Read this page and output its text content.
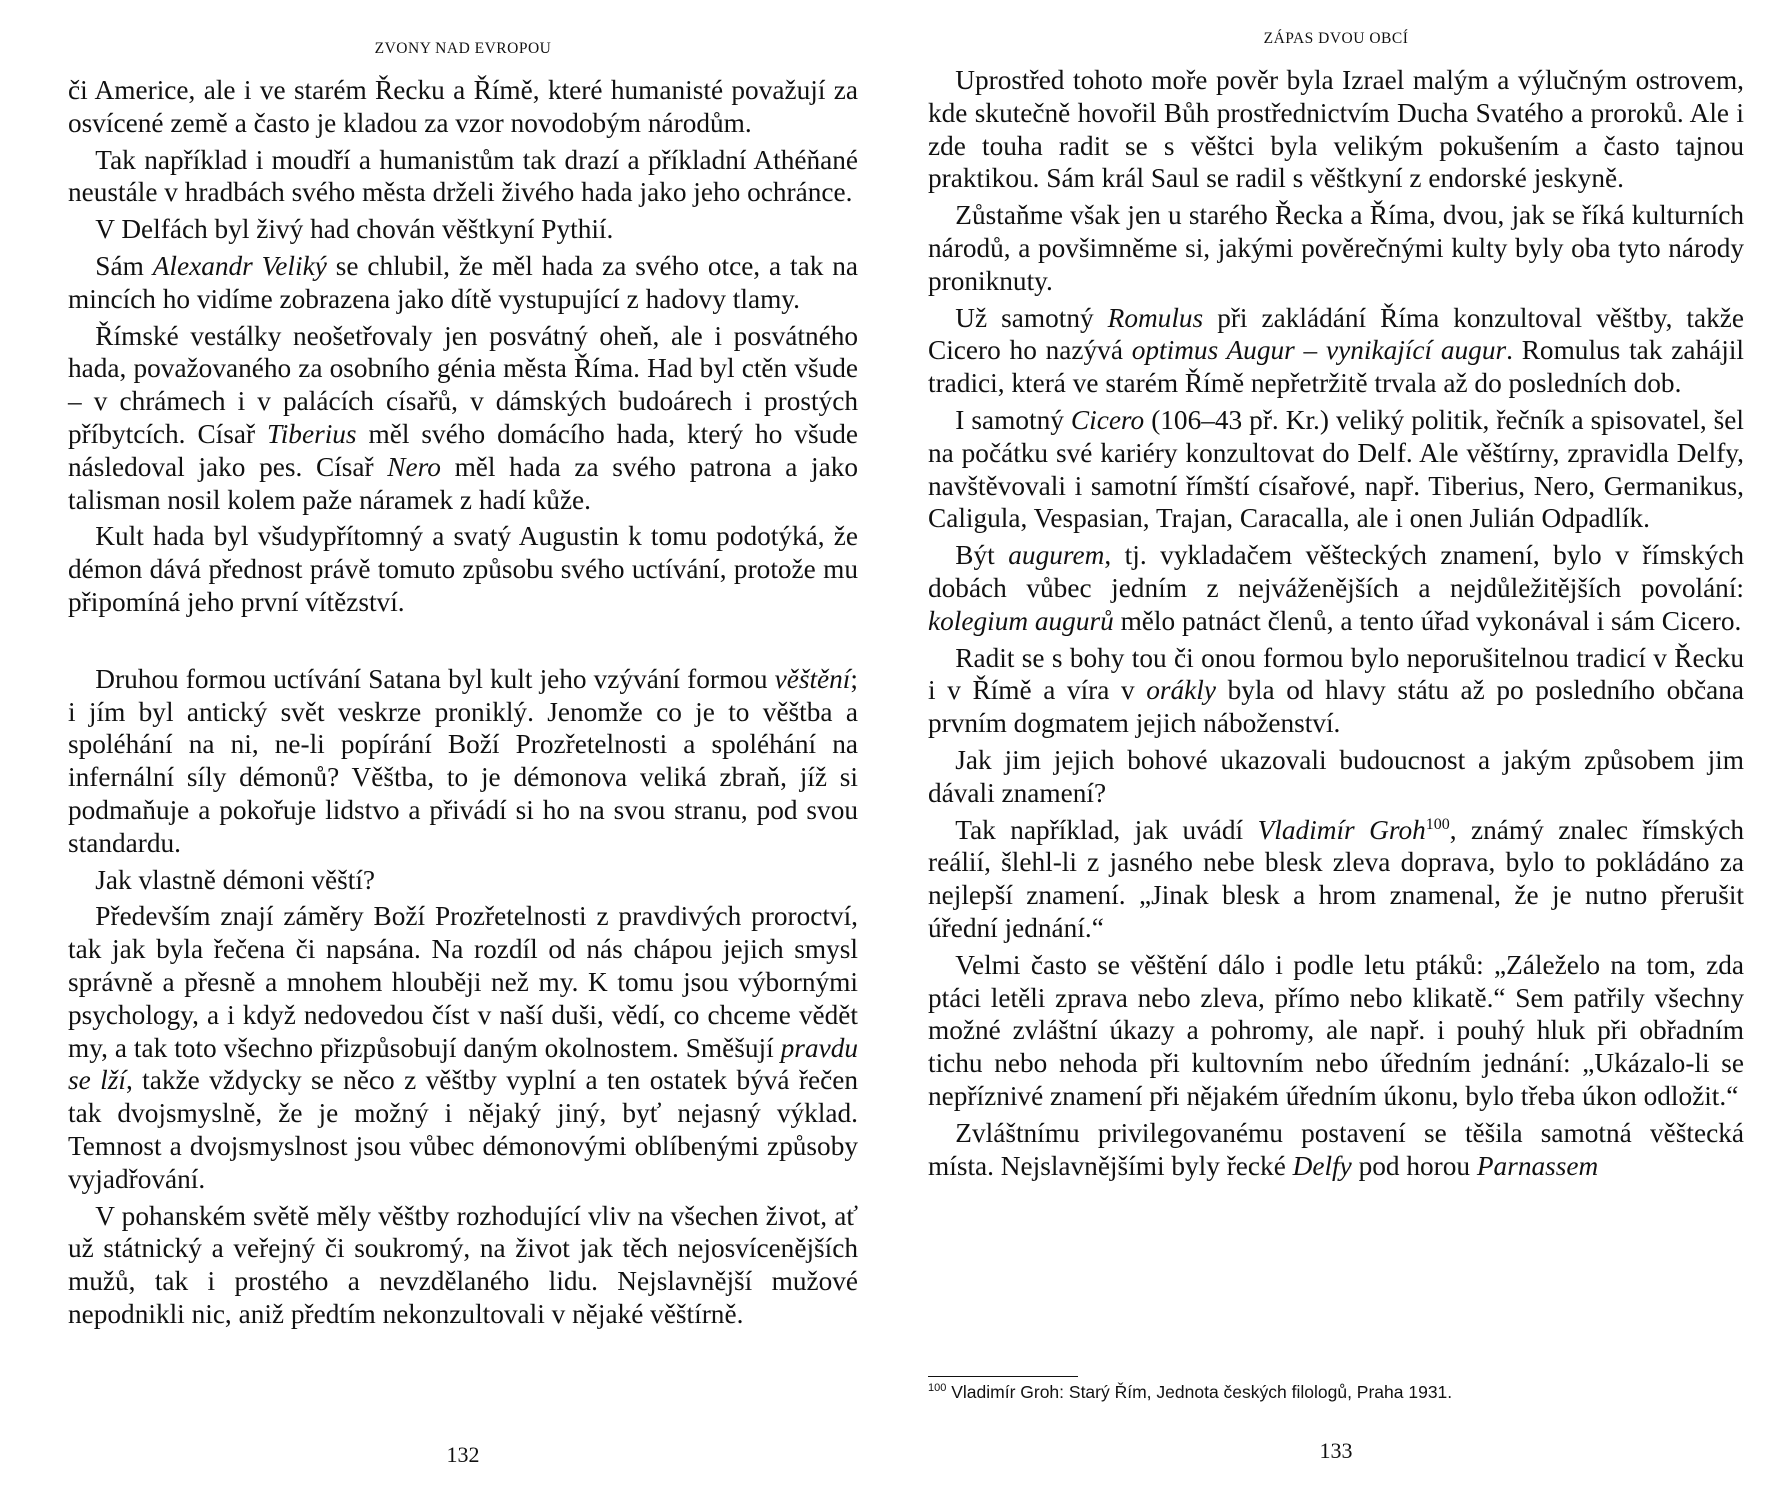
ZVONY NAD EVROPOU

či Americe, ale i ve starém Řecku a Římě, které humanisté považují za osvícené země a často je kladou za vzor novodobým národům.

 Tak například i moudří a humanistům tak drazí a příkladní Athéňané neustále v hradbách svého města drželi živého hada jako jeho ochránce.

 V Delfách byl živý had chován věštkyní Pythií.

 Sám Alexandr Veliký se chlubil, že měl hada za svého otce, a tak na mincích ho vidíme zobrazena jako dítě vystupující z hadovy tlamy.

 Římské vestálky neošetřovaly jen posvátný oheň, ale i posvátného hada, považovaného za osobního génia města Říma. Had byl ctěn všude – v chrámech i v palácích císařů, v dámských budoárech i prostých příbytcích. Císař Tiberius měl svého domácího hada, který ho všude následoval jako pes. Císař Nero měl hada za svého patrona a jako talisman nosil kolem paže náramek z hadí kůže.

 Kult hada byl všudypřítomný a svatý Augustin k tomu podotýká, že démon dává přednost právě tomuto způsobu svého uctívání, protože mu připomíná jeho první vítězství.

 Druhou formou uctívání Satana byl kult jeho vzývání formou věštění; i jím byl antický svět veskrze proniklý. Jenomže co je to věštba a spoléhání na ni, ne-li popírání Boží Prozřetelnosti a spoléhání na infernální síly démonů? Věštba, to je démonova veliká zbraň, jíž si podmaňuje a pokořuje lidstvo a přivádí si ho na svou stranu, pod svou standardu.

 Jak vlastně démoni věští?

 Především znají záměry Boží Prozřetelnosti z pravdivých proroctví, tak jak byla řečena či napsána. Na rozdíl od nás chápou jejich smysl správně a přesně a mnohem hlouběji než my. K tomu jsou výbornými psychology, a i když nedovedou číst v naší duši, vědí, co chceme vědět my, a tak toto všechno přizpůsobují daným okolnostem. Směšují pravdu se lží, takže vždycky se něco z věštby vyplní a ten ostatek bývá řečen tak dvojsmyslně, že je možný i nějaký jiný, byť nejasný výklad. Temnost a dvojsmyslnost jsou vůbec démonovými oblíbenými způsoby vyjadřování.

 V pohanském světě měly věštby rozhodující vliv na všechen život, ať už státnický a veřejný či soukromý, na život jak těch nejosvícenějších mužů, tak i prostého a nevzdělaného lidu. Nejslavnější mužové nepodnikli nic, aniž předtím nekonzultovali v nějaké věštírně.

132
ZÁPAS DVOU OBCÍ

 Uprostřed tohoto moře pověr byla Izrael malým a výlučným ostrovem, kde skutečně hovořil Bůh prostřednictvím Ducha Svatého a proroků. Ale i zde touha radit se s věštci byla velikým pokušením a často tajnou praktikou. Sám král Saul se radil s věštkyní z endorské jeskyně.

 Zůstaňme však jen u starého Řecka a Říma, dvou, jak se říká kulturních národů, a povšimněme si, jakými pověrečnými kulty byly oba tyto národy proniknuty.

 Už samotný Romulus při zakládání Říma konzultoval věštby, takže Cicero ho nazývá optimus Augur – vynikající augur. Romulus tak zahájil tradici, která ve starém Římě nepřetržitě trvala až do posledních dob.

 I samotný Cicero (106–43 př. Kr.) veliký politik, řečník a spisovatel, šel na počátku své kariéry konzultovat do Delf. Ale věštírny, zpravidla Delfy, navštěvovali i samotní římští císařové, např. Tiberius, Nero, Germanikus, Caligula, Vespasian, Trajan, Caracalla, ale i onen Julián Odpadlík.

 Být augurem, tj. vykladačem věšteckých znamení, bylo v římských dobách vůbec jedním z nejváženějších a nejdůležitějších povolání: kolegium augurů mělo patnáct členů, a tento úřad vykonával i sám Cicero.

 Radit se s bohy tou či onou formou bylo neporušitelnou tradicí v Řecku i v Římě a víra v orákly byla od hlavy státu až po posledního občana prvním dogmatem jejich náboženství.

 Jak jim jejich bohové ukazovali budoucnost a jakým způsobem jim dávali znamení?

 Tak například, jak uvádí Vladimír Groh$^{100}$, známý znalec římských reálií, šlehl-li z jasného nebe blesk zleva doprava, bylo to pokládáno za nejlepší znamení. „Jinak blesk a hrom znamenal, že je nutno přerušit úřední jednání.“

 Velmi často se věštění dálo i podle letu ptáků: „Záleželo na tom, zda ptáci letěli zprava nebo zleva, přímo nebo klikatě.“ Sem patřily všechny možné zvláštní úkazy a pohromy, ale např. i pouhý hluk při obřadním tichu nebo nehoda při kultovním nebo úředním jednání: „Ukázalo-li se nepříznivé znamení při nějakém úředním úkonu, bylo třeba úkon odložit.“

 Zvláštnímu privilegovanému postavení se těšila samotná věštecká místa. Nejslavnějšími byly řecké Delfy pod horou Parnassem

$^{100}$ Vladimír Groh: Starý Řím, Jednota českých filologů, Praha 1931.
133
